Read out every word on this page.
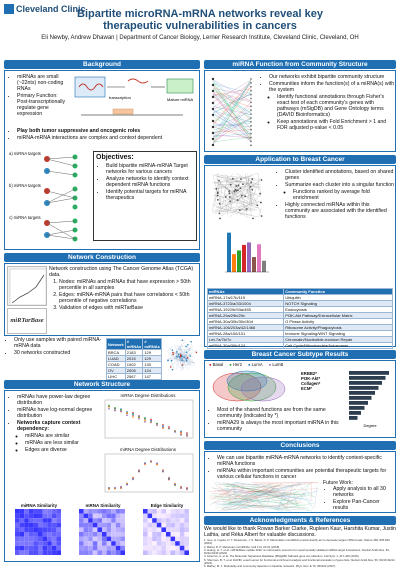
Cleveland Clinic
Bipartite microRNA-mRNA networks reveal key therapeutic vulnerabilities in cancers
Eli Newby, Andrew Dhawan | Department of Cancer Biology, Lerner Research Institute, Cleveland Clinic, Cleveland, OH
Background
• miRNAs are small (~22nts) non-coding RNAs
• Primary Function: Post-transcriptionally regulate gene expression
transcription	Mature miRNA
• Play both tumor suppressive and oncogenic roles
• miRNA-mRNA interactions are complex and context dependent
a) miRNA targets
b) miRNA targets
c) miRNA targets
Objectives:
• Build bipartite miRNA-mRNA Target networks for various cancers
• Analyze networks to identify context dependent miRNA functions
• Identify potential targets for miRNA therapeutics
Network Construction
Network construction using The Cancer Genome Atlas (TCGA) data.
1. Nodes: miRNAs and mRNAs that have expression > 50th percentile in all samples
2. Edges: miRNA-mRNA pairs that have correlations < 50th percentile of negative correlations
3. Validation of edges with miRTarBase
miRTarBase
• Only use samples with paired miRNA-mRNA data
• 30 networks constructed
Network	# mRNAs	# miRNAs
BRCA	2183	129
LUAD	2015	129
COAD	1902	130
OV	2005	124
LIHC	2567	147
Network Structure
• mRNAs have power-law degree distribution
• miRNAs have log-normal degree distribution
• Networks capture context dependency:
◦ miRNAs are similar
◦ mRNAs are less similar
◦ Edges are diverse
mRNA Degree Distributions
miRNA Degree Distributions
miRNA Similarity	mRNA Similarity	Edge Similarity
miRNA Function from Community Structure
• Our networks exhibit bipartite community structure
• Communities inform the function(s) of a miRNA(s) with the system
◦ Identify functional annotations through Fisher's exact test of each community's genes with pathways (mSigDB) and Gene Ontology terms (DAVID Bioinformatics)
◦ Keep annotations with Fold Enrichment > 1 and FDR adjusted p-value < 0.05
Application to Breast Cancer
• Cluster identified annotations, based on shared genes
• Summarize each cluster into a singular function
◦ Functions ranked by average fold enrichment
• Highly connected miRNAs within this community are associated with the identified functions
miRNAs	Community Function
miRNA-17a/17b/119	Ubiquitin
miRNA-3723/a/33/1004	NOTCH Signaling
miRNA-1922/b/93a/455	Endocytosis
miRNA-29a/29b/29c	PI3K-Akt Pathway/Extracellular Matrix
miRNA-30a/30b/30c/30d	G Phase Activity
miRNA-106/203a/42/1466	Ribosome Activity/Phagocytosis
miRNA-28a/106/101	Immune Signaling/WNT Signaling
Let-7a/7b/7c	Chromatin/Nucleotide-excision Repair
miRNA-30a/30b/124	Cell Cycle/Mitochondria/Autosomes
Breast Cancer Subtype Results
● Basal ● Her2 ● LumA ● LumB
ERBB2*
PI3K-Akt*
Collagen*
ECM*
Degree
• Most of the shared functions are from the same community (indicated by *)
• miRNA29 is always the most important miRNA in this community
Conclusions
• We can use bipartite miRNA-mRNA networks to identify context-specific miRNA functions
• miRNAs within important communities are potential therapeutic targets for various cellular functions in cancer
Future Work:
• Apply analysis to all 30 networks
• Explore Pan-Cancer results
Acknowledgments & References
We would like to thank Rowan Barker Clarke, Rupleen Kaur, Harshita Kumar, Justin Lathia, and Réka Albert for valuable discussions.
1. Guo, H. Ingolia, N. T. Weissman, J. S. Bartel, D. P. Mammalian microRNAs predominantly act to decrease target mRNA levels. Nature 466, 835-840 (2010).
2. Bartel, D. P. Metazoan microRNAs. Cell 173, 20-51 (2018).
3. Huang, H. Y. et al. miRTarBase update 2022: an informative resource for experimentally validated miRNA-target interactions. Nucleic Acids Res. 50, D222-D230 (2022).
4. Liberzon, A. et al. The Molecular Signatures Database (MSigDB) hallmark gene set collection. Cell Syst. 1, 417-425 (2015).
5. Sherman, B. T. et al. DAVID: a web server for functional enrichment analysis and functional annotation of gene lists. Nucleic Acids Res. 50, W216-W221 (2022).
6. Barber, M. J. Modularity and community detection in bipartite networks. Phys. Rev. E 76, 066102 (2007).
